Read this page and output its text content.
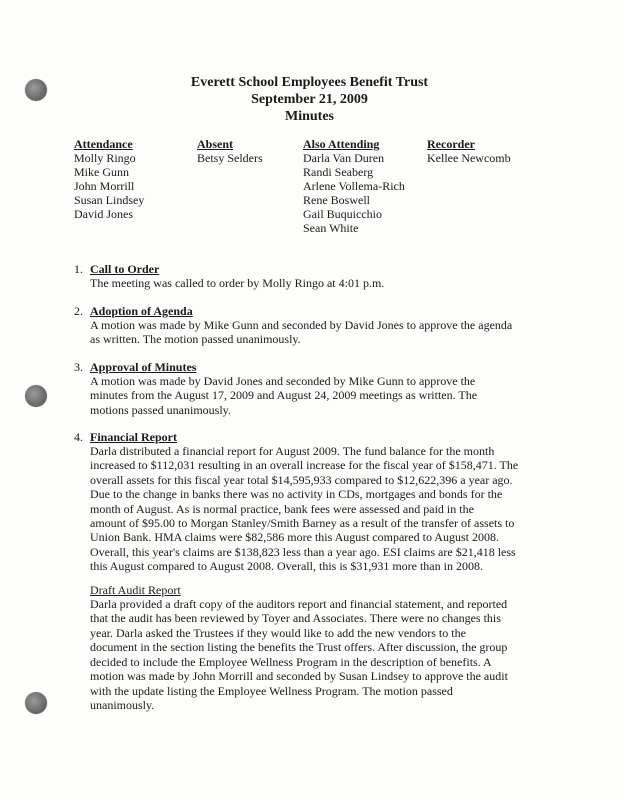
Everett School Employees Benefit Trust
September 21, 2009
Minutes
Attendance
Molly Ringo
Mike Gunn
John Morrill
Susan Lindsey
David Jones
Absent
Betsy Selders
Also Attending
Darla Van Duren
Randi Seaberg
Arlene Vollema-Rich
Rene Boswell
Gail Buquicchio
Sean White
Recorder
Kellee Newcomb
1. Call to Order
The meeting was called to order by Molly Ringo at 4:01 p.m.
2. Adoption of Agenda
A motion was made by Mike Gunn and seconded by David Jones to approve the agenda
as written. The motion passed unanimously.
3. Approval of Minutes
A motion was made by David Jones and seconded by Mike Gunn to approve the
minutes from the August 17, 2009 and August 24, 2009 meetings as written. The
motions passed unanimously.
4. Financial Report
Darla distributed a financial report for August 2009. The fund balance for the month
increased to $112,031 resulting in an overall increase for the fiscal year of $158,471. The
overall assets for this fiscal year total $14,595,933 compared to $12,622,396 a year ago.
Due to the change in banks there was no activity in CDs, mortgages and bonds for the
month of August. As is normal practice, bank fees were assessed and paid in the
amount of $95.00 to Morgan Stanley/Smith Barney as a result of the transfer of assets to
Union Bank. HMA claims were $82,586 more this August compared to August 2008.
Overall, this year's claims are $138,823 less than a year ago. ESI claims are $21,418 less
this August compared to August 2008. Overall, this is $31,931 more than in 2008.
Draft Audit Report
Darla provided a draft copy of the auditors report and financial statement, and reported
that the audit has been reviewed by Toyer and Associates. There were no changes this
year. Darla asked the Trustees if they would like to add the new vendors to the
document in the section listing the benefits the Trust offers. After discussion, the group
decided to include the Employee Wellness Program in the description of benefits. A
motion was made by John Morrill and seconded by Susan Lindsey to approve the audit
with the update listing the Employee Wellness Program. The motion passed
unanimously.
